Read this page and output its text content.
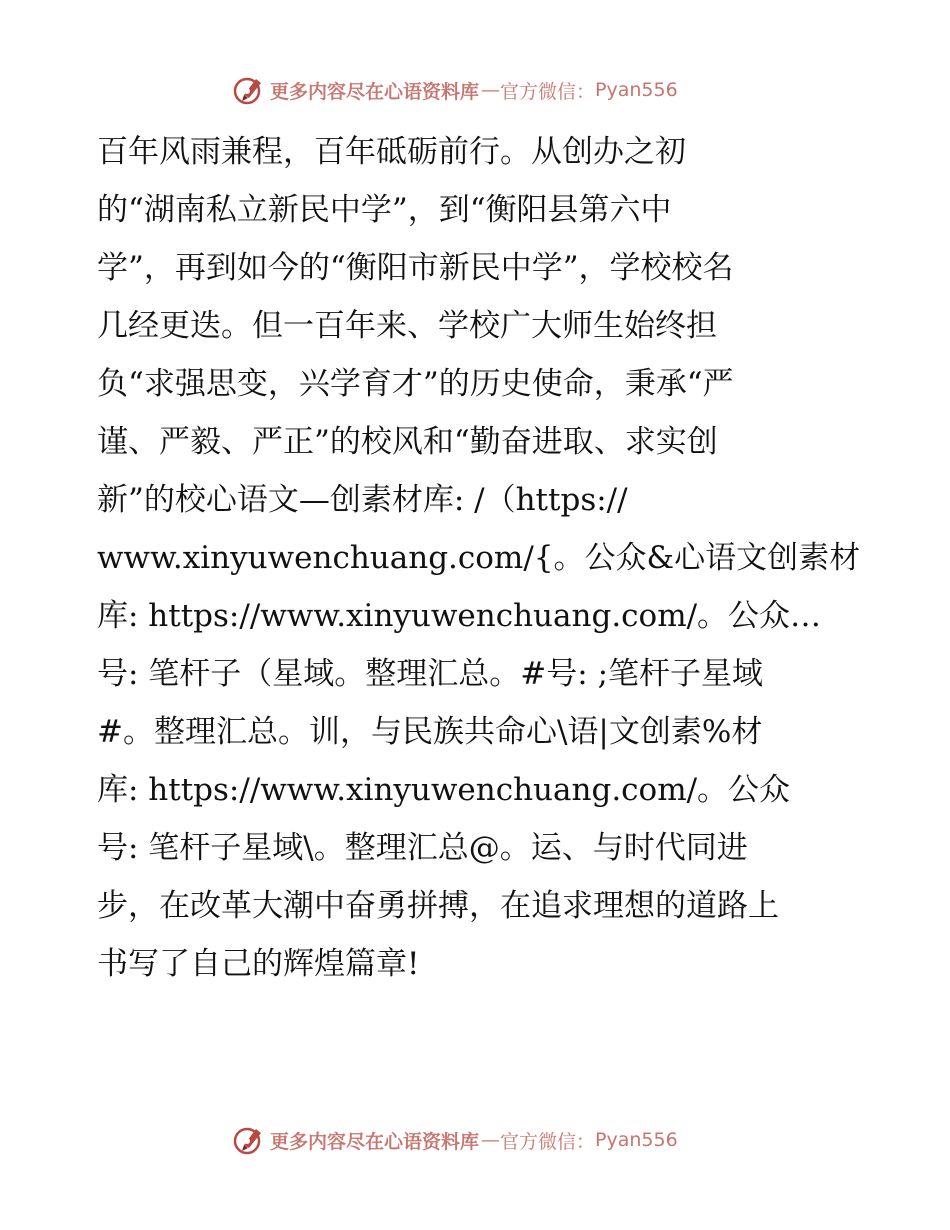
更多内容尽在心语资料库 — 官方微信： Pyan556
百年风雨兼程，百年砥砺前行。从创办之初
的“湖南私立新民中学”，到“衡阳县第六中
学”，再到如今的“衡阳市新民中学”，学校校名
几经更迭。但一百年来、学校广大师生始终担
负“求强思变，兴学育才”的历史使命，秉承“严
谨、严毅、严正”的校风和“勤奋进取、求实创
新”的校心语文—创素材库: /（https://
www.xinyuwenchuang.com/{。公众&心语文创素材
库: https://www.xinyuwenchuang.com/。公众…
号: 笔杆子（星域。整理汇总。#号: ;笔杆子星域
#。整理汇总。训，与民族共命心\语|文创素%材
库: https://www.xinyuwenchuang.com/。公众
号: 笔杆子星域\。整理汇总@。运、与时代同进
步，在改革大潮中奋勇拼搏，在追求理想的道路上
书写了自己的辉煌篇章!
更多内容尽在心语资料库 — 官方微信： Pyan556
